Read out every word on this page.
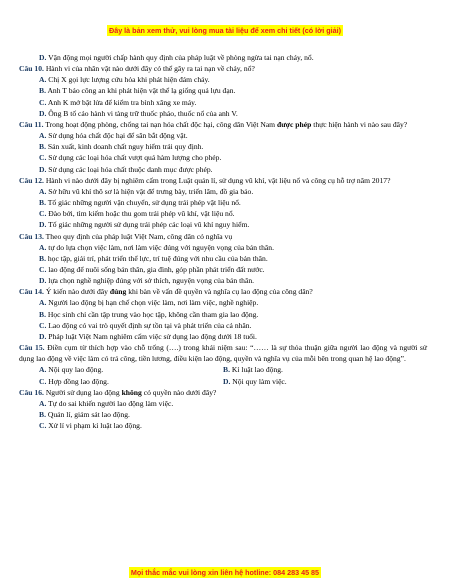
Đây là bản xem thử, vui lòng mua tài liệu để xem chi tiết (có lời giải)
D. Vận động mọi người chấp hành quy định của pháp luật về phòng ngừa tai nạn cháy, nổ.
Câu 10. Hành vi của nhân vật nào dưới đây có thể gây ra tai nạn về cháy, nổ?
A. Chị X gọi lực lượng cứu hỏa khi phát hiện đám cháy.
B. Anh T báo công an khi phát hiện vật thể lạ giống quả lựu đạn.
C. Anh K mở bật lửa để kiểm tra bình xăng xe máy.
D. Ông B tố cáo hành vi tàng trữ thuốc pháo, thuốc nổ của anh V.
Câu 11. Trong hoạt động phòng, chống tai nạn hóa chất độc hại, công dân Việt Nam được phép thực hiện hành vi nào sau đây?
A. Sử dụng hóa chất độc hại để săn bắt động vật.
B. Sản xuất, kinh doanh chất nguy hiểm trái quy định.
C. Sử dụng các loại hóa chất vượt quá hàm lượng cho phép.
D. Sử dụng các loại hóa chất thuộc danh mục được phép.
Câu 12. Hành vi nào dưới đây bị nghiêm cấm trong Luật quản lí, sử dụng vũ khí, vật liệu nổ và công cụ hỗ trợ năm 2017?
A. Sở hữu vũ khí thô sơ là hiện vật để trưng bày, triển lãm, đồ gia bảo.
B. Tố giác những người vận chuyển, sử dụng trái phép vật liệu nổ.
C. Đào bới, tìm kiếm hoặc thu gom trái phép vũ khí, vật liệu nổ.
D. Tố giác những người sử dụng trái phép các loại vũ khí nguy hiểm.
Câu 13. Theo quy định của pháp luật Việt Nam, công dân có nghĩa vụ
A. tự do lựa chọn việc làm, nơi làm việc đúng với nguyện vọng của bản thân.
B. học tập, giải trí, phát triển thể lực, trí tuệ đúng với nhu cầu của bản thân.
C. lao động để nuôi sống bản thân, gia đình, góp phần phát triển đất nước.
D. lựa chọn nghề nghiệp đúng với sở thích, nguyện vọng của bản thân.
Câu 14. Ý kiến nào dưới đây đúng khi bàn về vấn đề quyền và nghĩa cụ lao động của công dân?
A. Người lao động bị hạn chế chọn việc làm, nơi làm việc, nghề nghiệp.
B. Học sinh chỉ cần tập trung vào học tập, không cần tham gia lao động.
C. Lao động có vai trò quyết định sự tồn tại và phát triển của cả nhân.
D. Pháp luật Việt Nam nghiêm cấm việc sử dụng lao động dưới 18 tuổi.
Câu 15. Điền cụm từ thích hợp vào chỗ trống (….) trong khái niệm sau: “…… là sự thỏa thuận giữa người lao động và người sử dụng lao động về việc làm có trả công, tiền lương, điều kiện lao động, quyền và nghĩa vụ của mỗi bên trong quan hệ lao động”.
A. Nội quy lao động.	B. Kỉ luật lao động.
C. Hợp đồng lao động.	D. Nội quy làm việc.
Câu 16. Người sử dụng lao động không có quyền nào dưới đây?
A. Tự do sai khiến người lao động làm việc.
B. Quản lí, giám sát lao động.
C. Xử lí vi phạm kỉ luật lao động.
Mọi thắc mắc vui lòng xin liên hệ hotline: 084 283 45 85
